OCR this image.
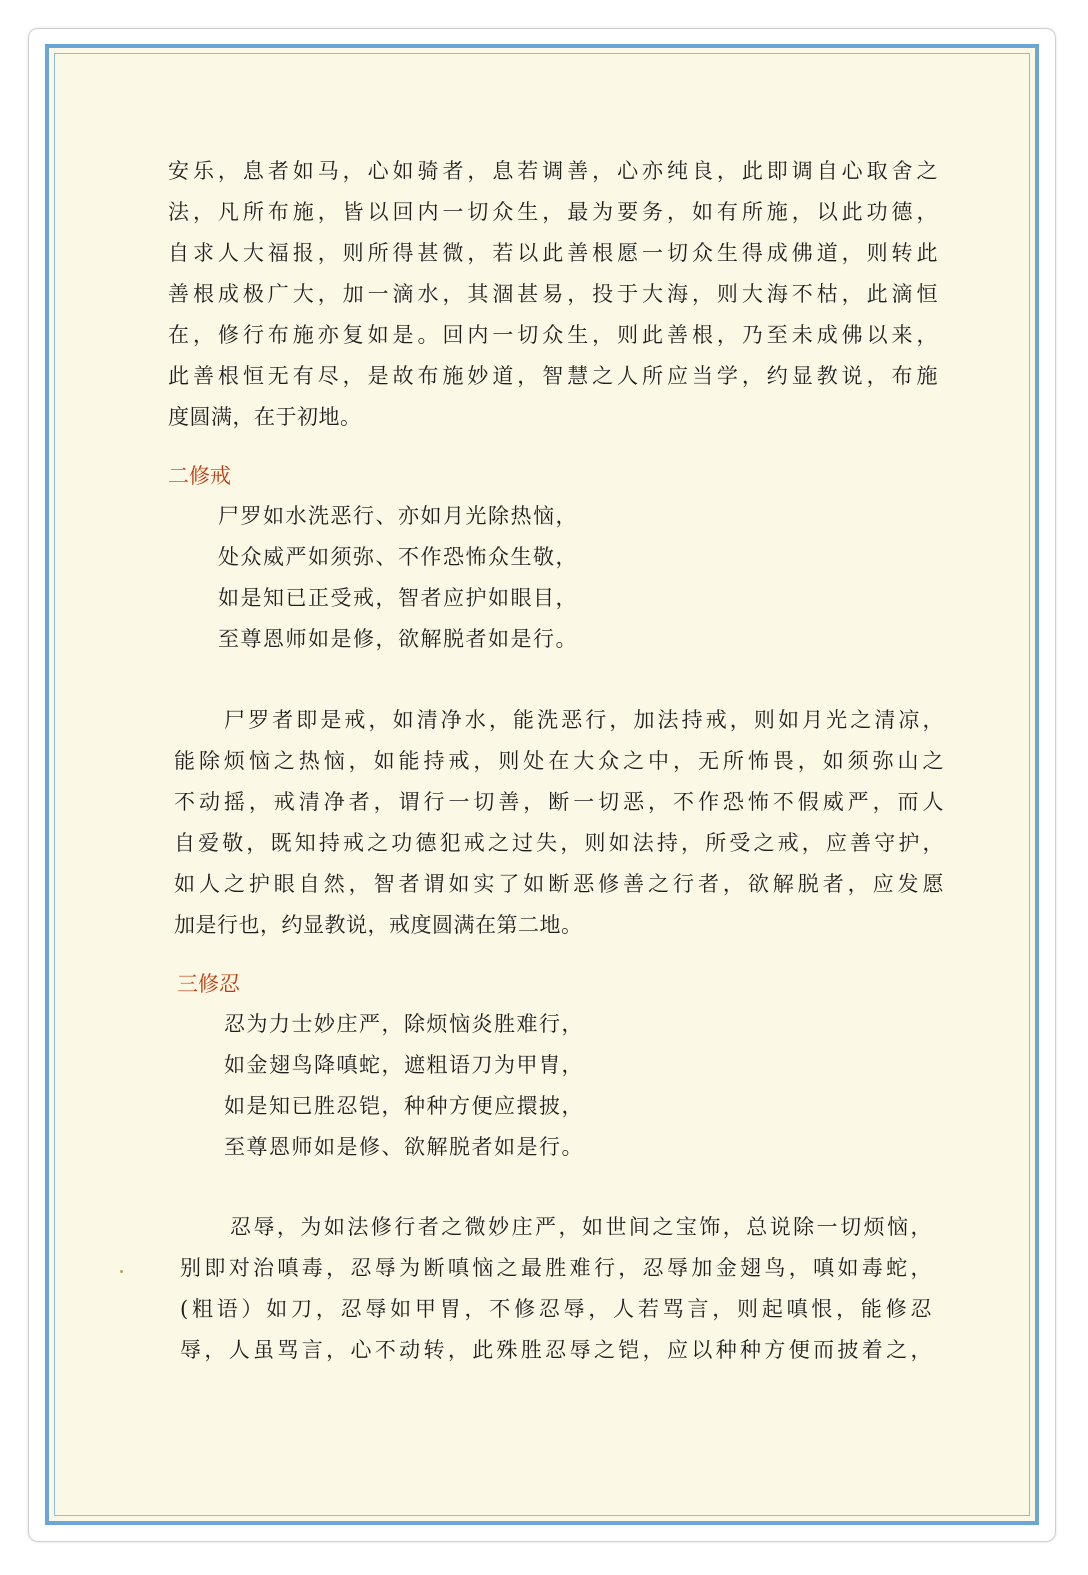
安乐，息者如马，心如骑者，息若调善，心亦纯良，此即调自心取舍之
法，凡所布施，皆以回内一切众生，最为要务，如有所施，以此功德，
自求人大福报，则所得甚微，若以此善根愿一切众生得成佛道，则转此
善根成极广大，加一滴水，其涸甚易，投于大海，则大海不枯，此滴恒
在，修行布施亦复如是。回内一切众生，则此善根，乃至未成佛以来，
此善根恒无有尽，是故布施妙道，智慧之人所应当学，约显教说，布施
度圆满，在于初地。
二修戒
尸罗如水洗恶行、亦如月光除热恼，
处众威严如须弥、不作恐怖众生敬，
如是知已正受戒，智者应护如眼目，
至尊恩师如是修，欲解脱者如是行。
尸罗者即是戒，如清净水，能洗恶行，加法持戒，则如月光之清凉，
能除烦恼之热恼，如能持戒，则处在大众之中，无所怖畏，如须弥山之
不动摇，戒清净者，谓行一切善，断一切恶，不作恐怖不假威严，而人
自爱敬，既知持戒之功德犯戒之过失，则如法持，所受之戒，应善守护，
如人之护眼自然，智者谓如实了如断恶修善之行者，欲解脱者，应发愿
加是行也，约显教说，戒度圆满在第二地。
三修忍
忍为力士妙庄严，除烦恼炎胜难行，
如金翅鸟降嗔蛇，遮粗语刀为甲胄，
如是知已胜忍铠，种种方便应擐披，
至尊恩师如是修、欲解脱者如是行。
忍辱，为如法修行者之微妙庄严，如世间之宝饰，总说除一切烦恼，
别即对治嗔毒，忍辱为断嗔恼之最胜难行，忍辱加金翅鸟，嗔如毒蛇，
(粗语）如刀，忍辱如甲胃，不修忍辱，人若骂言，则起嗔恨，能修忍
辱，人虽骂言，心不动转，此殊胜忍辱之铠，应以种种方便而披着之，
